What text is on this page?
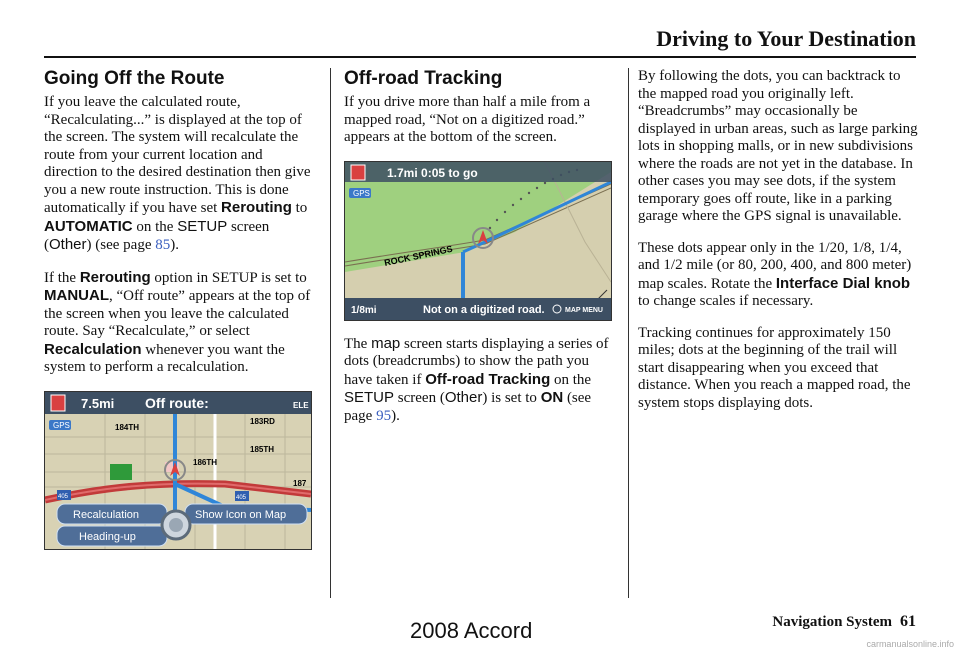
Driving to Your Destination
Going Off the Route

If you leave the calculated route, “Recalculating...” is displayed at the top of the screen. The system will recalculate the route from your current location and direction to the desired destination then give you a new route instruction. This is done automatically if you have set Rerouting to AUTOMATIC on the SETUP screen (Other) (see page 85).

If the Rerouting option in SETUP is set to MANUAL, “Off route” appears at the top of the screen when you leave the calculated route. Say “Recalculate,” or select Recalculation whenever you want the system to perform a recalculation.

7.5mi Off route:
GPS	184TH
183RD
185TH
186TH
187
ELE
405	405
Recalculation
Heading-up
Show Icon on Map
Off-road Tracking

If you drive more than half a mile from a mapped road, “Not on a digitized road.” appears at the bottom of the screen.

1.7mi 0:05 to go
GPS
ROCK SPRINGS
1/8mi	Not on a digitized road.	MAP MENU

The map screen starts displaying a series of dots (breadcrumbs) to show the path you have taken if Off-road Tracking on the SETUP screen (Other) is set to ON (see page 95).

By following the dots, you can backtrack to the mapped road you originally left. “Breadcrumbs” may occasionally be displayed in urban areas, such as large parking lots in shopping malls, or in new subdivisions where the roads are not yet in the database. In other cases you may see dots, if the system temporary goes off route, like in a parking garage where the GPS signal is unavailable.

These dots appear only in the 1/20, 1/8, 1/4, and 1/2 mile (or 80, 200, 400, and 800 meter) map scales. Rotate the Interface Dial knob to change scales if necessary.

Tracking continues for approximately 150 miles; dots at the beginning of the trail will start disappearing when you exceed that distance. When you reach a mapped road, the system stops displaying dots.

Navigation System 61
2008 Accord
carmanualsonline.info
